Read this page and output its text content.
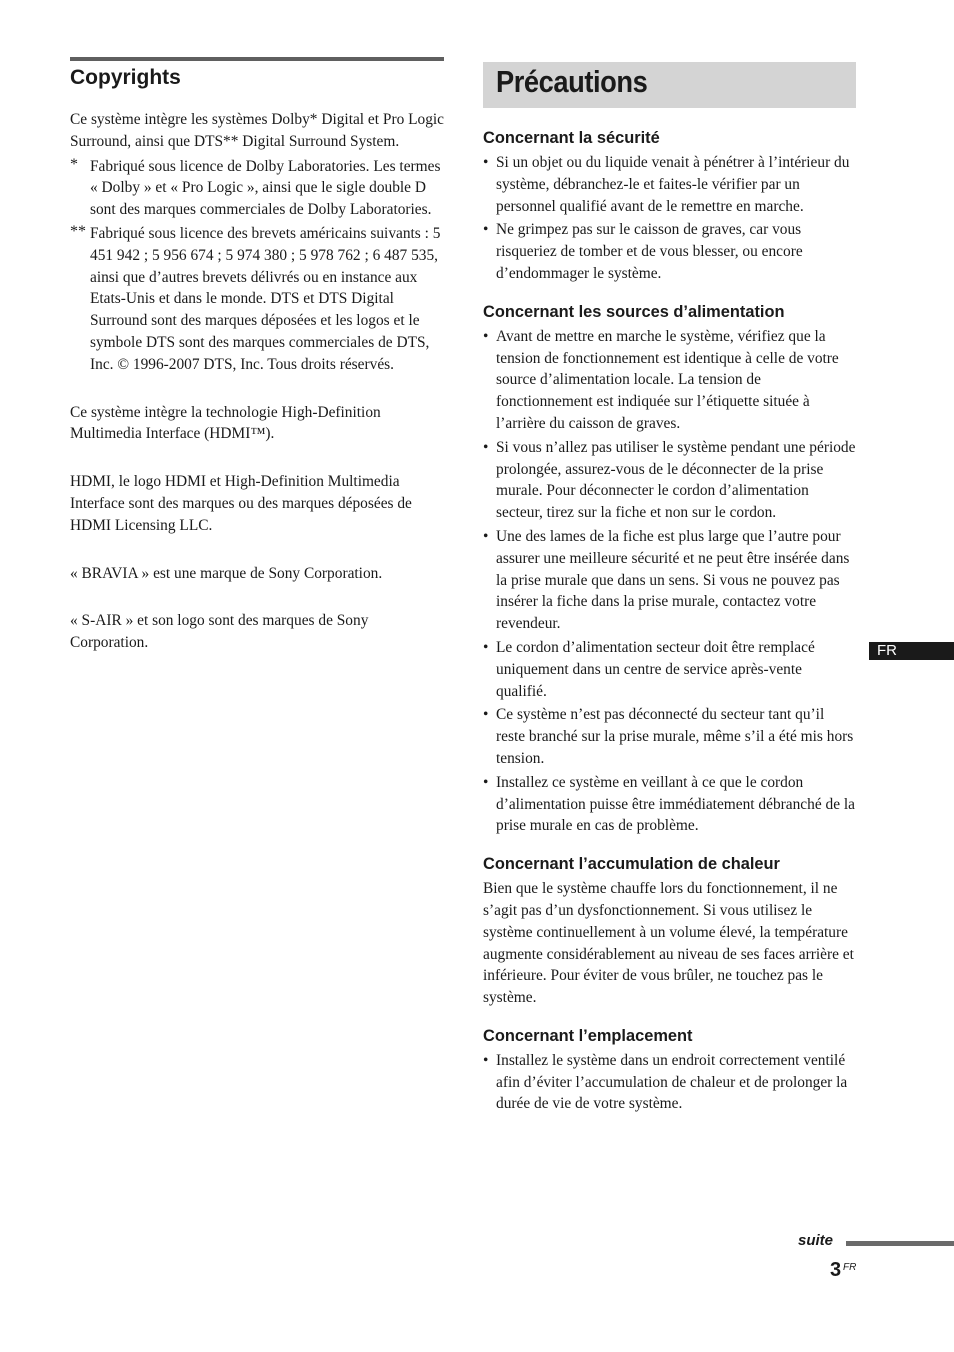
Copyrights

Ce système intègre les systèmes Dolby* Digital et Pro Logic Surround, ainsi que DTS** Digital Surround System.

* Fabriqué sous licence de Dolby Laboratories. Les termes « Dolby » et « Pro Logic », ainsi que le sigle double D sont des marques commerciales de Dolby Laboratories.

** Fabriqué sous licence des brevets américains suivants : 5 451 942 ; 5 956 674 ; 5 974 380 ; 5 978 762 ; 6 487 535, ainsi que d’autres brevets délivrés ou en instance aux Etats-Unis et dans le monde. DTS et DTS Digital Surround sont des marques déposées et les logos et le symbole DTS sont des marques commerciales de DTS, Inc. © 1996-2007 DTS, Inc. Tous droits réservés.

Ce système intègre la technologie High-Definition Multimedia Interface (HDMI™).

HDMI, le logo HDMI et High-Definition Multimedia Interface sont des marques ou des marques déposées de HDMI Licensing LLC.

« BRAVIA » est une marque de Sony Corporation.

« S-AIR » et son logo sont des marques de Sony Corporation.

Précautions
Concernant la sécurité
• Si un objet ou du liquide venait à pénétrer à l’intérieur du système, débranchez-le et faites-le vérifier par un personnel qualifié avant de le remettre en marche.
• Ne grimpez pas sur le caisson de graves, car vous risqueriez de tomber et de vous blesser, ou encore d’endommager le système.
Concernant les sources d’alimentation
• Avant de mettre en marche le système, vérifiez que la tension de fonctionnement est identique à celle de votre source d’alimentation locale. La tension de fonctionnement est indiquée sur l’étiquette située à l’arrière du caisson de graves.
• Si vous n’allez pas utiliser le système pendant une période prolongée, assurez-vous de le déconnecter de la prise murale. Pour déconnecter le cordon d’alimentation secteur, tirez sur la fiche et non sur le cordon.
• Une des lames de la fiche est plus large que l’autre pour assurer une meilleure sécurité et ne peut être insérée dans la prise murale que dans un sens. Si vous ne pouvez pas insérer la fiche dans la prise murale, contactez votre revendeur.
• Le cordon d’alimentation secteur doit être remplacé uniquement dans un centre de service après-vente qualifié.
• Ce système n’est pas déconnecté du secteur tant qu’il reste branché sur la prise murale, même s’il a été mis hors tension.
• Installez ce système en veillant à ce que le cordon d’alimentation puisse être immédiatement débranché de la prise murale en cas de problème.
Concernant l’accumulation de chaleur

Bien que le système chauffe lors du fonctionnement, il ne s’agit pas d’un dysfonctionnement. Si vous utilisez le système continuellement à un volume élevé, la température augmente considérablement au niveau de ses faces arrière et inférieure. Pour éviter de vous brûler, ne touchez pas le système.

Concernant l’emplacement
• Installez le système dans un endroit correctement ventilé afin d’éviter l’accumulation de chaleur et de prolonger la durée de vie de votre système.
FR
suite
3 FR
